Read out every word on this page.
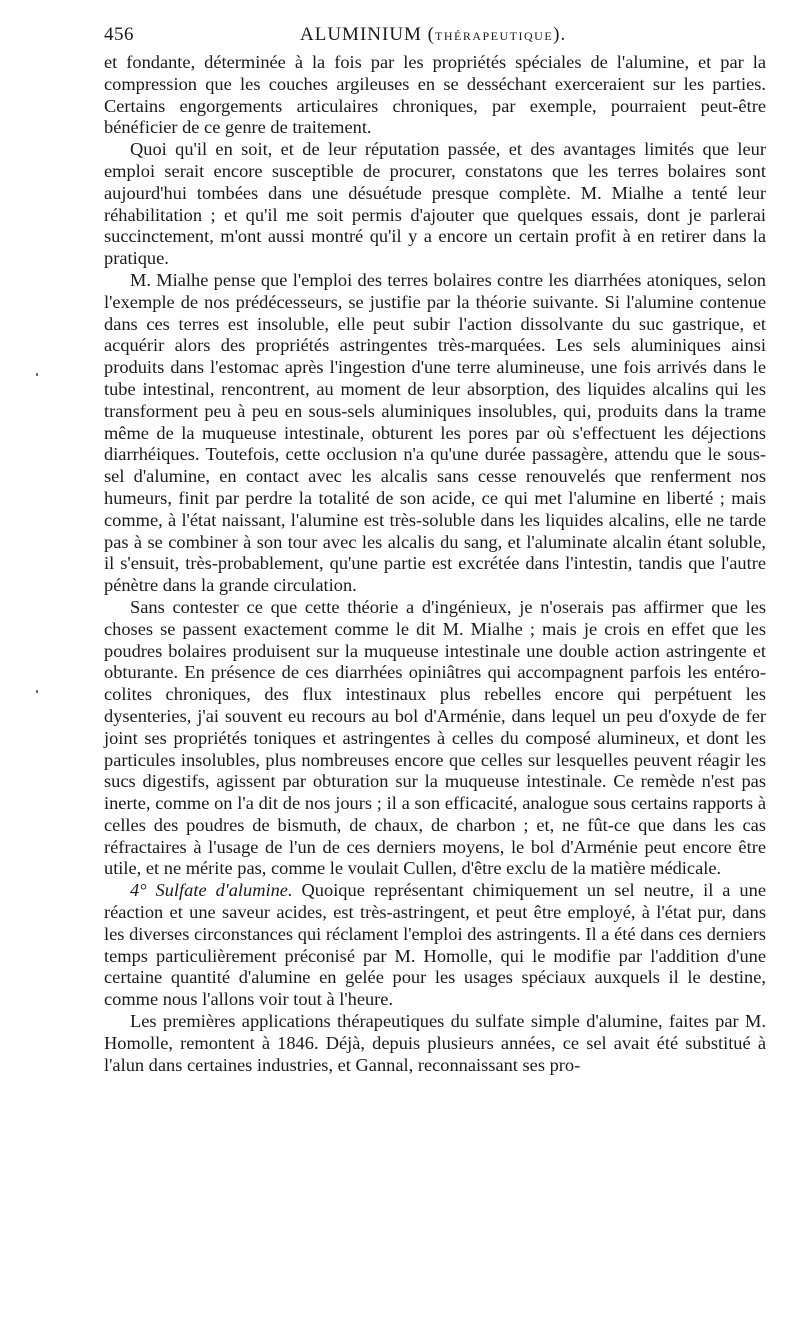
456	ALUMINIUM (THÉRAPEUTIQUE).

et fondante, déterminée à la fois par les propriétés spéciales de l'alumine, et par la compression que les couches argileuses en se desséchant exerceraient sur les parties. Certains engorgements articulaires chroniques, par exemple, pourraient peut-être bénéficier de ce genre de traitement.

Quoi qu'il en soit, et de leur réputation passée, et des avantages limités que leur emploi serait encore susceptible de procurer, constatons que les terres bolaires sont aujourd'hui tombées dans une désuétude presque complète. M. Mialhe a tenté leur réhabilitation ; et qu'il me soit permis d'ajouter que quelques essais, dont je parlerai succinctement, m'ont aussi montré qu'il y a encore un certain profit à en retirer dans la pratique.

M. Mialhe pense que l'emploi des terres bolaires contre les diarrhées atoniques, selon l'exemple de nos prédécesseurs, se justifie par la théorie suivante. Si l'alumine contenue dans ces terres est insoluble, elle peut subir l'action dissolvante du suc gastrique, et acquérir alors des propriétés astringentes très-marquées. Les sels aluminiques ainsi produits dans l'estomac après l'ingestion d'une terre alumineuse, une fois arrivés dans le tube intestinal, rencontrent, au moment de leur absorption, des liquides alcalins qui les transforment peu à peu en sous-sels aluminiques insolubles, qui, produits dans la trame même de la muqueuse intestinale, obturent les pores par où s'effectuent les déjections diarrhéiques. Toutefois, cette occlusion n'a qu'une durée passagère, attendu que le sous-sel d'alumine, en contact avec les alcalis sans cesse renouvelés que renferment nos humeurs, finit par perdre la totalité de son acide, ce qui met l'alumine en liberté ; mais comme, à l'état naissant, l'alumine est très-soluble dans les liquides alcalins, elle ne tarde pas à se combiner à son tour avec les alcalis du sang, et l'aluminate alcalin étant soluble, il s'ensuit, très-probablement, qu'une partie est excrétée dans l'intestin, tandis que l'autre pénètre dans la grande circulation.

Sans contester ce que cette théorie a d'ingénieux, je n'oserais pas affirmer que les choses se passent exactement comme le dit M. Mialhe ; mais je crois en effet que les poudres bolaires produisent sur la muqueuse intestinale une double action astringente et obturante. En présence de ces diarrhées opiniâtres qui accompagnent parfois les entéro-colites chroniques, des flux intestinaux plus rebelles encore qui perpétuent les dysenteries, j'ai souvent eu recours au bol d'Arménie, dans lequel un peu d'oxyde de fer joint ses propriétés toniques et astringentes à celles du composé alumineux, et dont les particules insolubles, plus nombreuses encore que celles sur lesquelles peuvent réagir les sucs digestifs, agissent par obturation sur la muqueuse intestinale. Ce remède n'est pas inerte, comme on l'a dit de nos jours ; il a son efficacité, analogue sous certains rapports à celles des poudres de bismuth, de chaux, de charbon ; et, ne fût-ce que dans les cas réfractaires à l'usage de l'un de ces derniers moyens, le bol d'Arménie peut encore être utile, et ne mérite pas, comme le voulait Cullen, d'être exclu de la matière médicale.

4° Sulfate d'alumine. Quoique représentant chimiquement un sel neutre, il a une réaction et une saveur acides, est très-astringent, et peut être employé, à l'état pur, dans les diverses circonstances qui réclament l'emploi des astringents. Il a été dans ces derniers temps particulièrement préconisé par M. Homolle, qui le modifie par l'addition d'une certaine quantité d'alumine en gelée pour les usages spéciaux auxquels il le destine, comme nous l'allons voir tout à l'heure.

Les premières applications thérapeutiques du sulfate simple d'alumine, faites par M. Homolle, remontent à 1846. Déjà, depuis plusieurs années, ce sel avait été substitué à l'alun dans certaines industries, et Gannal, reconnaissant ses pro-
